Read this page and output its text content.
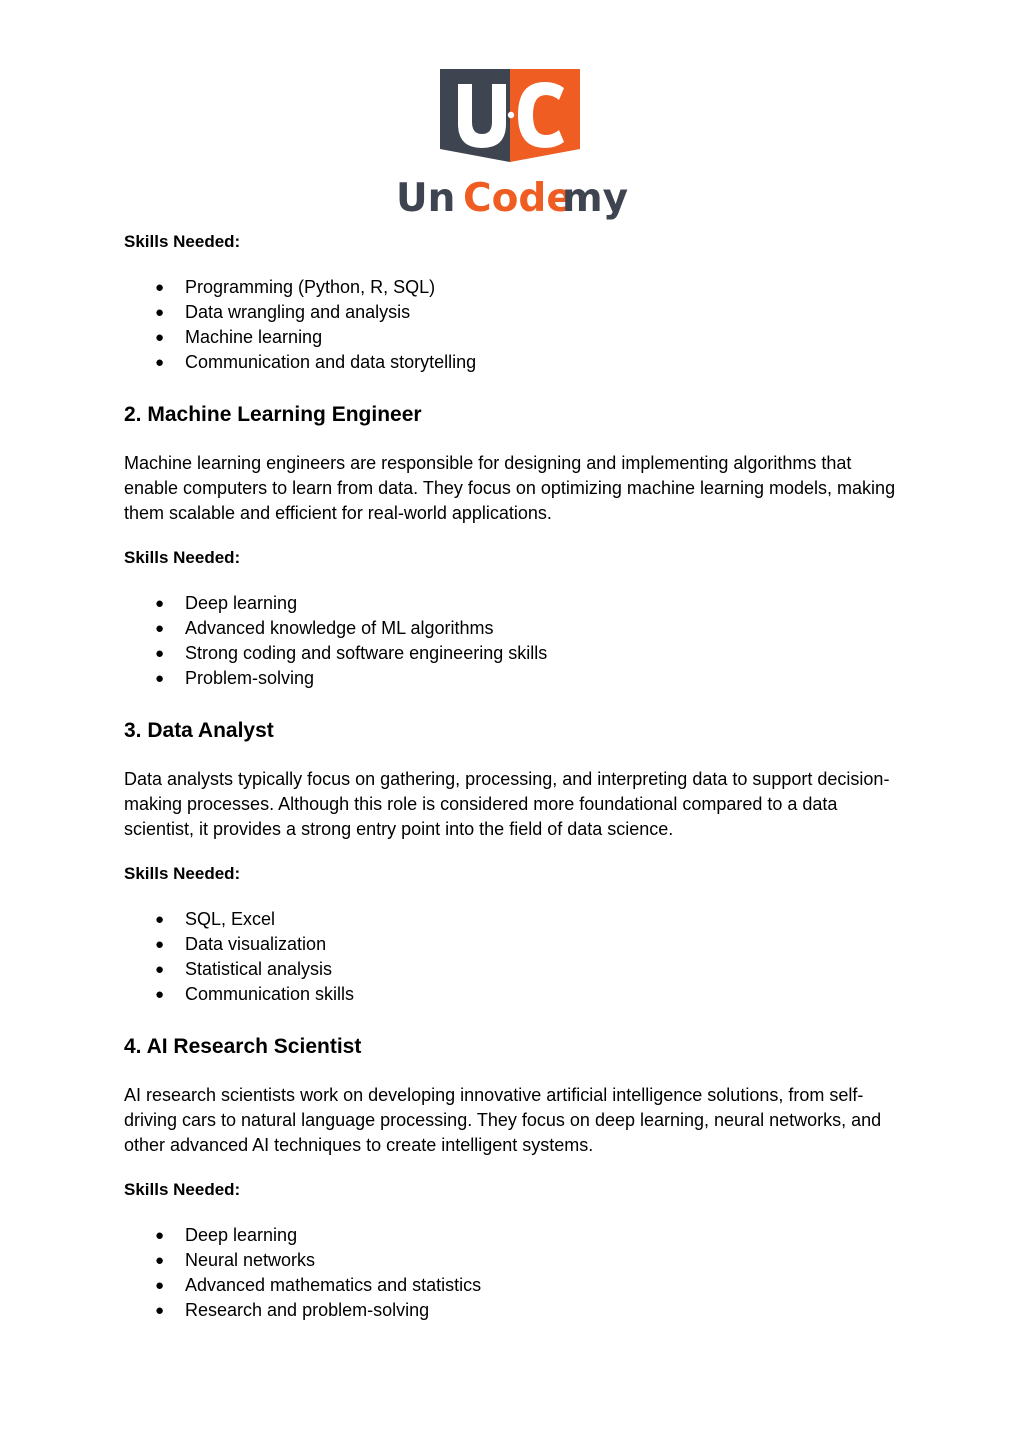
Un Code
my

Skills Needed:

● Programming (Python, R, SQL)
● Data wrangling and analysis
● Machine learning
● Communication and data storytelling
2. Machine Learning Engineer

Machine learning engineers are responsible for designing and implementing algorithms that enable computers to learn from data. They focus on optimizing machine learning models, making them scalable and efficient for real-world applications.

Skills Needed:

● Deep learning
● Advanced knowledge of ML algorithms
● Strong coding and software engineering skills
● Problem-solving
3. Data Analyst

Data analysts typically focus on gathering, processing, and interpreting data to support decision-making processes. Although this role is considered more foundational compared to a data scientist, it provides a strong entry point into the field of data science.

Skills Needed:

● SQL, Excel
● Data visualization
● Statistical analysis
● Communication skills
4. AI Research Scientist

AI research scientists work on developing innovative artificial intelligence solutions, from self-driving cars to natural language processing. They focus on deep learning, neural networks, and other advanced AI techniques to create intelligent systems.

Skills Needed:

● Deep learning
● Neural networks
● Advanced mathematics and statistics
● Research and problem-solving
